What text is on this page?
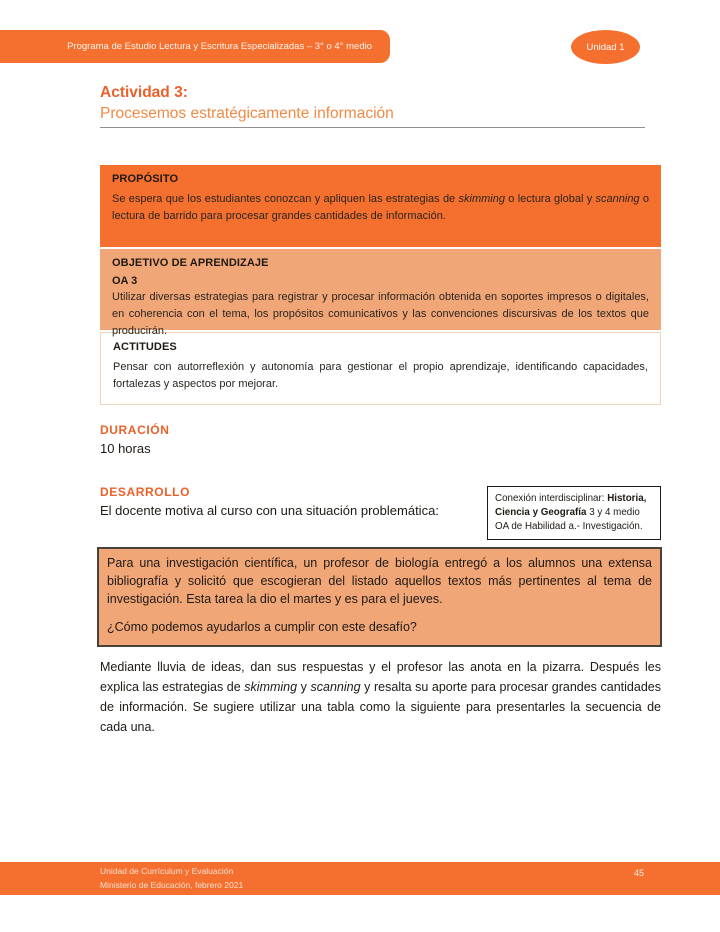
Programa de Estudio Lectura y Escritura Especializadas – 3° o 4° medio	Unidad 1
Actividad 3:
Procesemos estratégicamente información
PROPÓSITO

Se espera que los estudiantes conozcan y apliquen las estrategias de skimming o lectura global y scanning o lectura de barrido para procesar grandes cantidades de información.

OBJETIVO DE APRENDIZAJE
OA 3

Utilizar diversas estrategias para registrar y procesar información obtenida en soportes impresos o digitales, en coherencia con el tema, los propósitos comunicativos y las convenciones discursivas de los textos que producirán.

ACTITUDES

Pensar con autorreflexión y autonomía para gestionar el propio aprendizaje, identificando capacidades, fortalezas y aspectos por mejorar.

DURACIÓN

10 horas

DESARROLLO

El docente motiva al curso con una situación problemática:

Conexión interdisciplinar: Historia, Ciencia y Geografía 3 y 4 medio OA de Habilidad a.- Investigación.

Para una investigación científica, un profesor de biología entregó a los alumnos una extensa bibliografía y solicitó que escogieran del listado aquellos textos más pertinentes al tema de investigación. Esta tarea la dio el martes y es para el jueves.

¿Cómo podemos ayudarlos a cumplir con este desafío?

Mediante lluvia de ideas, dan sus respuestas y el profesor las anota en la pizarra. Después les explica las estrategias de skimming y scanning y resalta su aporte para procesar grandes cantidades de información. Se sugiere utilizar una tabla como la siguiente para presentarles la secuencia de cada una.

Unidad de Currículum y Evaluación
Ministerio de Educación, febrero 2021
45
